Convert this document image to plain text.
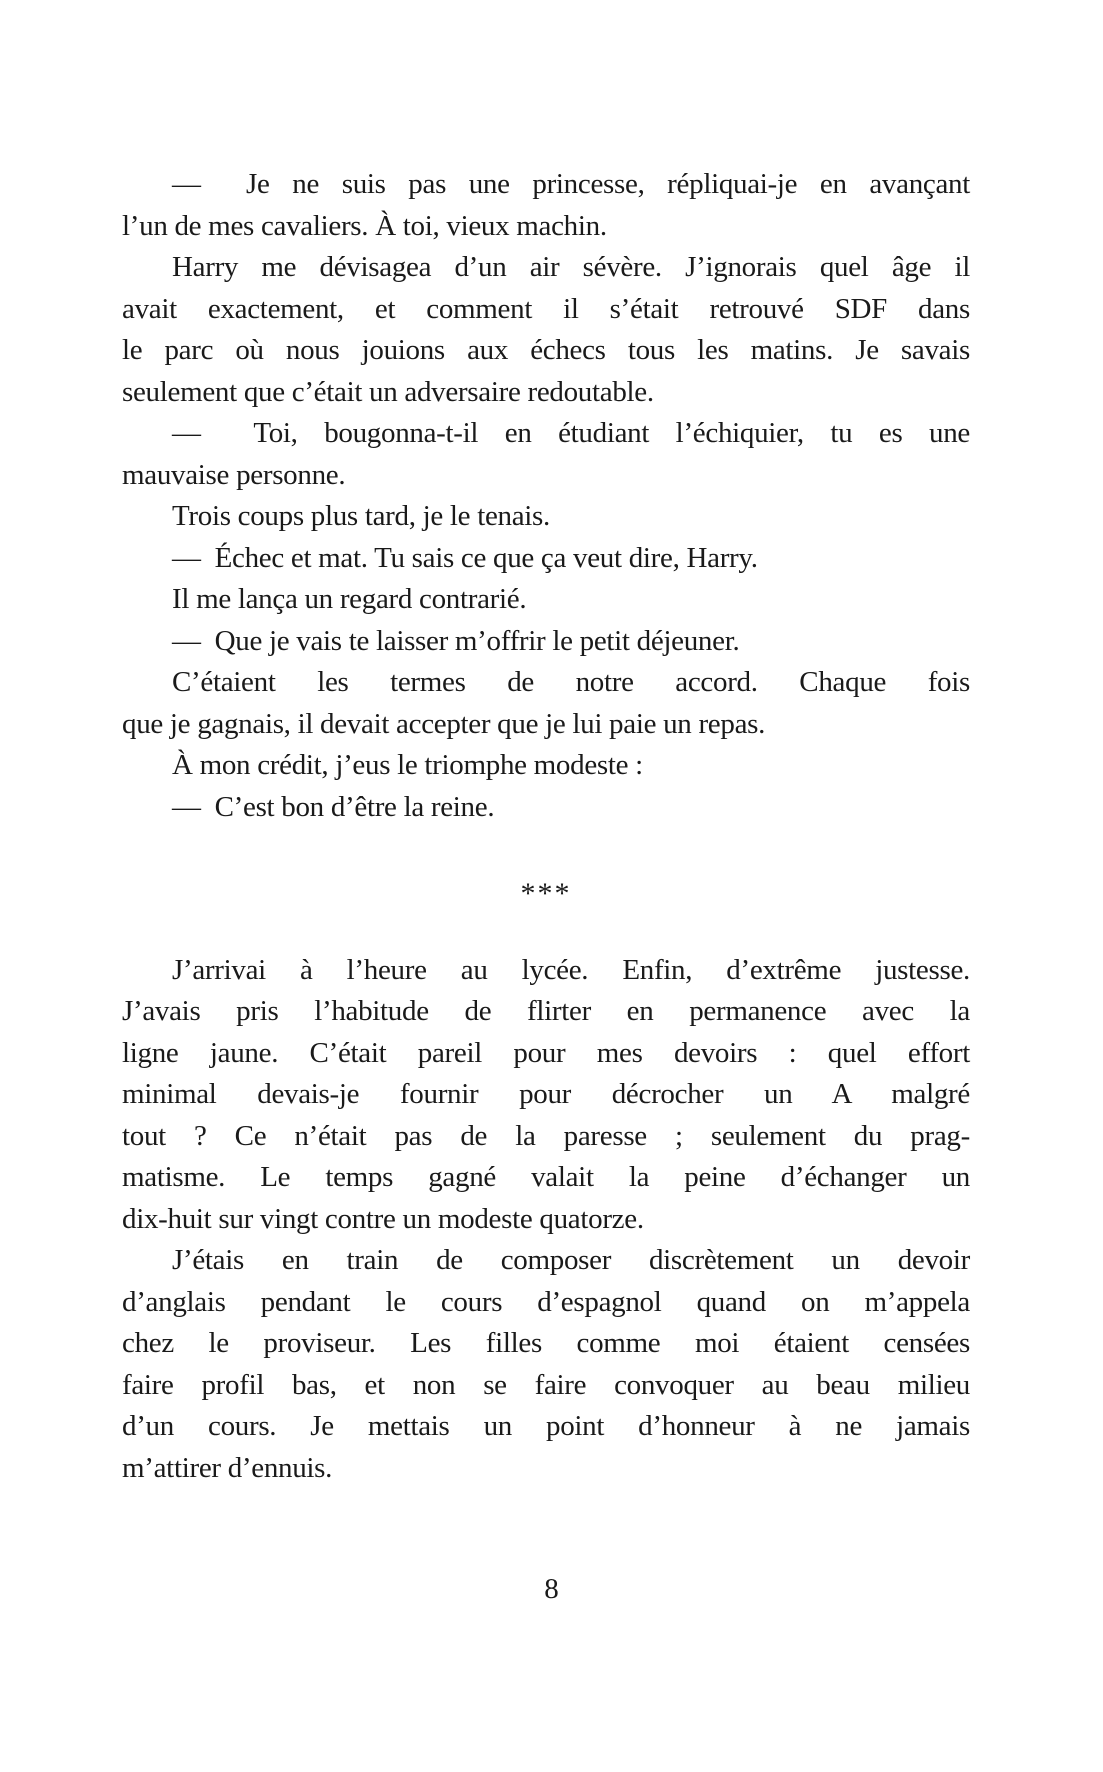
—  Je ne suis pas une princesse, répliquai-je en avançant
l’un de mes cavaliers. À toi, vieux machin.

Harry me dévisagea d’un air sévère. J’ignorais quel âge il
avait exactement, et comment il s’était retrouvé SDF dans
le parc où nous jouions aux échecs tous les matins. Je savais
seulement que c’était un adversaire redoutable.

—  Toi, bougonna-t-il en étudiant l’échiquier, tu es une
mauvaise personne.

Trois coups plus tard, je le tenais.

—  Échec et mat. Tu sais ce que ça veut dire, Harry.

Il me lança un regard contrarié.

—  Que je vais te laisser m’offrir le petit déjeuner.

C’étaient les termes de notre accord. Chaque fois
que je gagnais, il devait accepter que je lui paie un repas.

À mon crédit, j’eus le triomphe modeste :

—  C’est bon d’être la reine.

***

J’arrivai à l’heure au lycée. Enfin, d’extrême justesse.
J’avais pris l’habitude de flirter en permanence avec la
ligne jaune. C’était pareil pour mes devoirs : quel effort
minimal devais-je fournir pour décrocher un A malgré
tout ? Ce n’était pas de la paresse ; seulement du prag-
matisme. Le temps gagné valait la peine d’échanger un
dix-huit sur vingt contre un modeste quatorze.

J’étais en train de composer discrètement un devoir
d’anglais pendant le cours d’espagnol quand on m’appela
chez le proviseur. Les filles comme moi étaient censées
faire profil bas, et non se faire convoquer au beau milieu
d’un cours. Je mettais un point d’honneur à ne jamais
m’attirer d’ennuis.

8
